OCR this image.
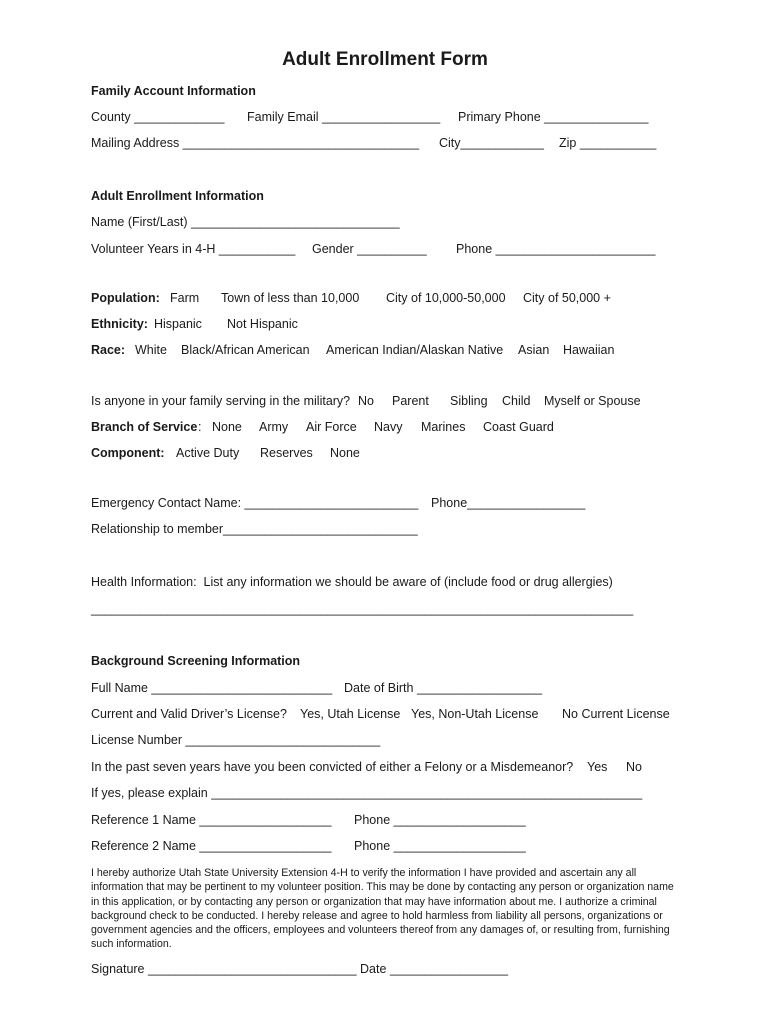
Adult Enrollment Form
Family Account Information
County _____________ Family Email _________________ Primary Phone _______________
Mailing Address __________________________________ City____________ Zip ___________
Adult Enrollment Information
Name (First/Last) ______________________________
Volunteer Years in 4-H ___________ Gender __________ Phone _______________________
Population: Farm Town of less than 10,000 City of 10,000-50,000 City of 50,000 +
Ethnicity: Hispanic Not Hispanic
Race: White Black/African American American Indian/Alaskan Native Asian Hawaiian
Is anyone in your family serving in the military? No Parent Sibling Child Myself or Spouse
Branch of Service : None Army Air Force Navy Marines Coast Guard
Component: Active Duty Reserves None
Emergency Contact Name: _________________________ Phone_________________
Relationship to member____________________________
Health Information:  List any information we should be aware of (include food or drug allergies)
______________________________________________________________________________
Background Screening Information
Full Name __________________________ Date of Birth __________________
Current and Valid Driver’s License? Yes, Utah License Yes, Non-Utah License No Current License
License Number ____________________________
In the past seven years have you been convicted of either a Felony or a Misdemeanor? Yes No
If yes, please explain ______________________________________________________________
Reference 1 Name ___________________ Phone ___________________
Reference 2 Name ___________________ Phone ___________________
I hereby authorize Utah State University Extension 4-H to verify the information I have provided and ascertain any all information that may be pertinent to my volunteer position. This may be done by contacting any person or organization name in this application, or by contacting any person or organization that may have information about me. I authorize a criminal background check to be conducted. I hereby release and agree to hold harmless from liability all persons, organizations or government agencies and the officers, employees and volunteers thereof from any damages of, or resulting from, furnishing such information.
Signature ______________________________ Date _________________
